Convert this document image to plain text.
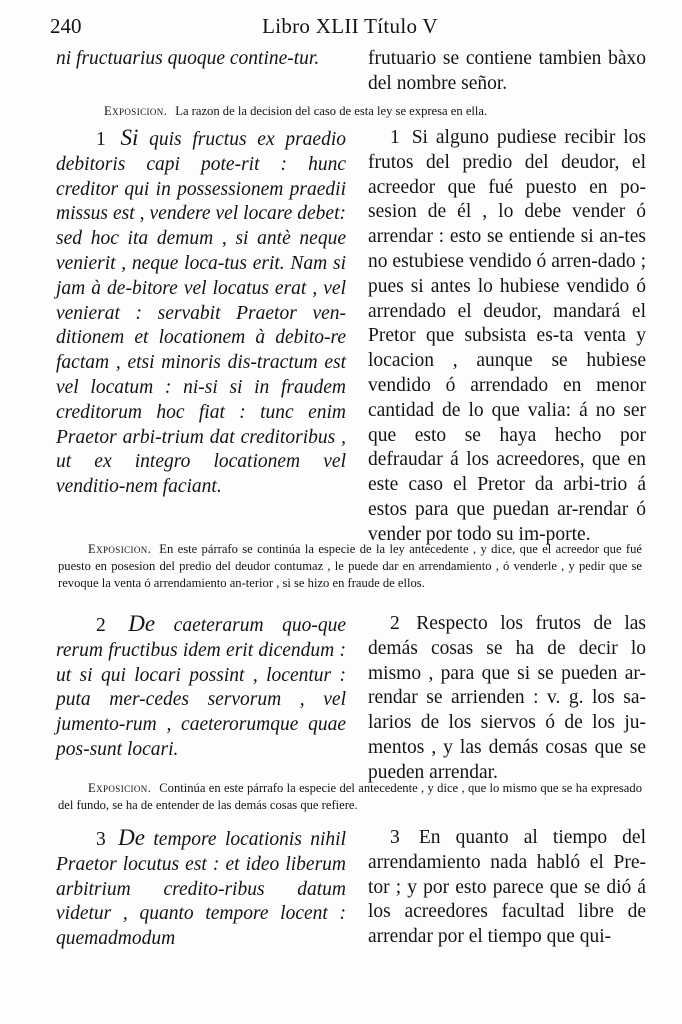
240	Libro XLII Título V
ni fructuarius quoque contine-tur.	frutuario se contiene tambien bàxo del nombre señor.
Exposicion. La razon de la decision del caso de esta ley se expresa en ella.
1 Si quis fructus ex praedio debitoris capi pote-rit : hunc creditor qui in possessionem praedii missus est , vendere vel locare debet: sed hoc ita demum , si antè neque venierit , neque loca-tus erit. Nam si jam à de-bitore vel locatus erat , vel venierat : servabit Praetor ven-ditionem et locationem à debito-re factam , etsi minoris dis-tractum est vel locatum : ni-si si in fraudem creditorum hoc fiat : tunc enim Praetor arbi-trium dat creditoribus , ut ex integro locationem vel venditio-nem faciant.
1 Si alguno pudiese recibir los frutos del predio del deudor, el acreedor que fué puesto en po-sesion de él , lo debe vender ó arrendar : esto se entiende si an-tes no estubiese vendido ó arren-dado ; pues si antes lo hubiese vendido ó arrendado el deudor, mandará el Pretor que subsista es-ta venta y locacion , aunque se hubiese vendido ó arrendado en menor cantidad de lo que valia: á no ser que esto se haya hecho por defraudar á los acreedores, que en este caso el Pretor da arbi-trio á estos para que puedan ar-rendar ó vender por todo su im-porte.
Exposicion. En este párrafo se continúa la especie de la ley antecedente , y dice, que el acreedor que fué puesto en posesion del predio del deudor contumaz , le puede dar en arrendamiento , ó venderle , y pedir que se revoque la venta ó arrendamiento an-terior , si se hizo en fraude de ellos.
2 De caeterarum quo-que rerum fructibus idem erit dicendum : ut si qui locari possint , locentur : puta mer-cedes servorum , vel jumento-rum , caeterorumque quae pos-sunt locari.
2 Respecto los frutos de las demás cosas se ha de decir lo mismo , para que si se pueden ar-rendar se arrienden : v. g. los sa-larios de los siervos ó de los ju-mentos , y las demás cosas que se pueden arrendar.
Exposicion. Continúa en este párrafo la especie del antecedente , y dice , que lo mismo que se ha expresado del fundo, se ha de entender de las demás cosas que refiere.
3 De tempore locationis nihil Praetor locutus est : et ideo liberum arbitrium credito-ribus datum videtur , quanto tempore locent : quemadmodum
3 En quanto al tiempo del arrendamiento nada habló el Pre-tor ; y por esto parece que se dió á los acreedores facultad libre de arrendar por el tiempo que qui-
